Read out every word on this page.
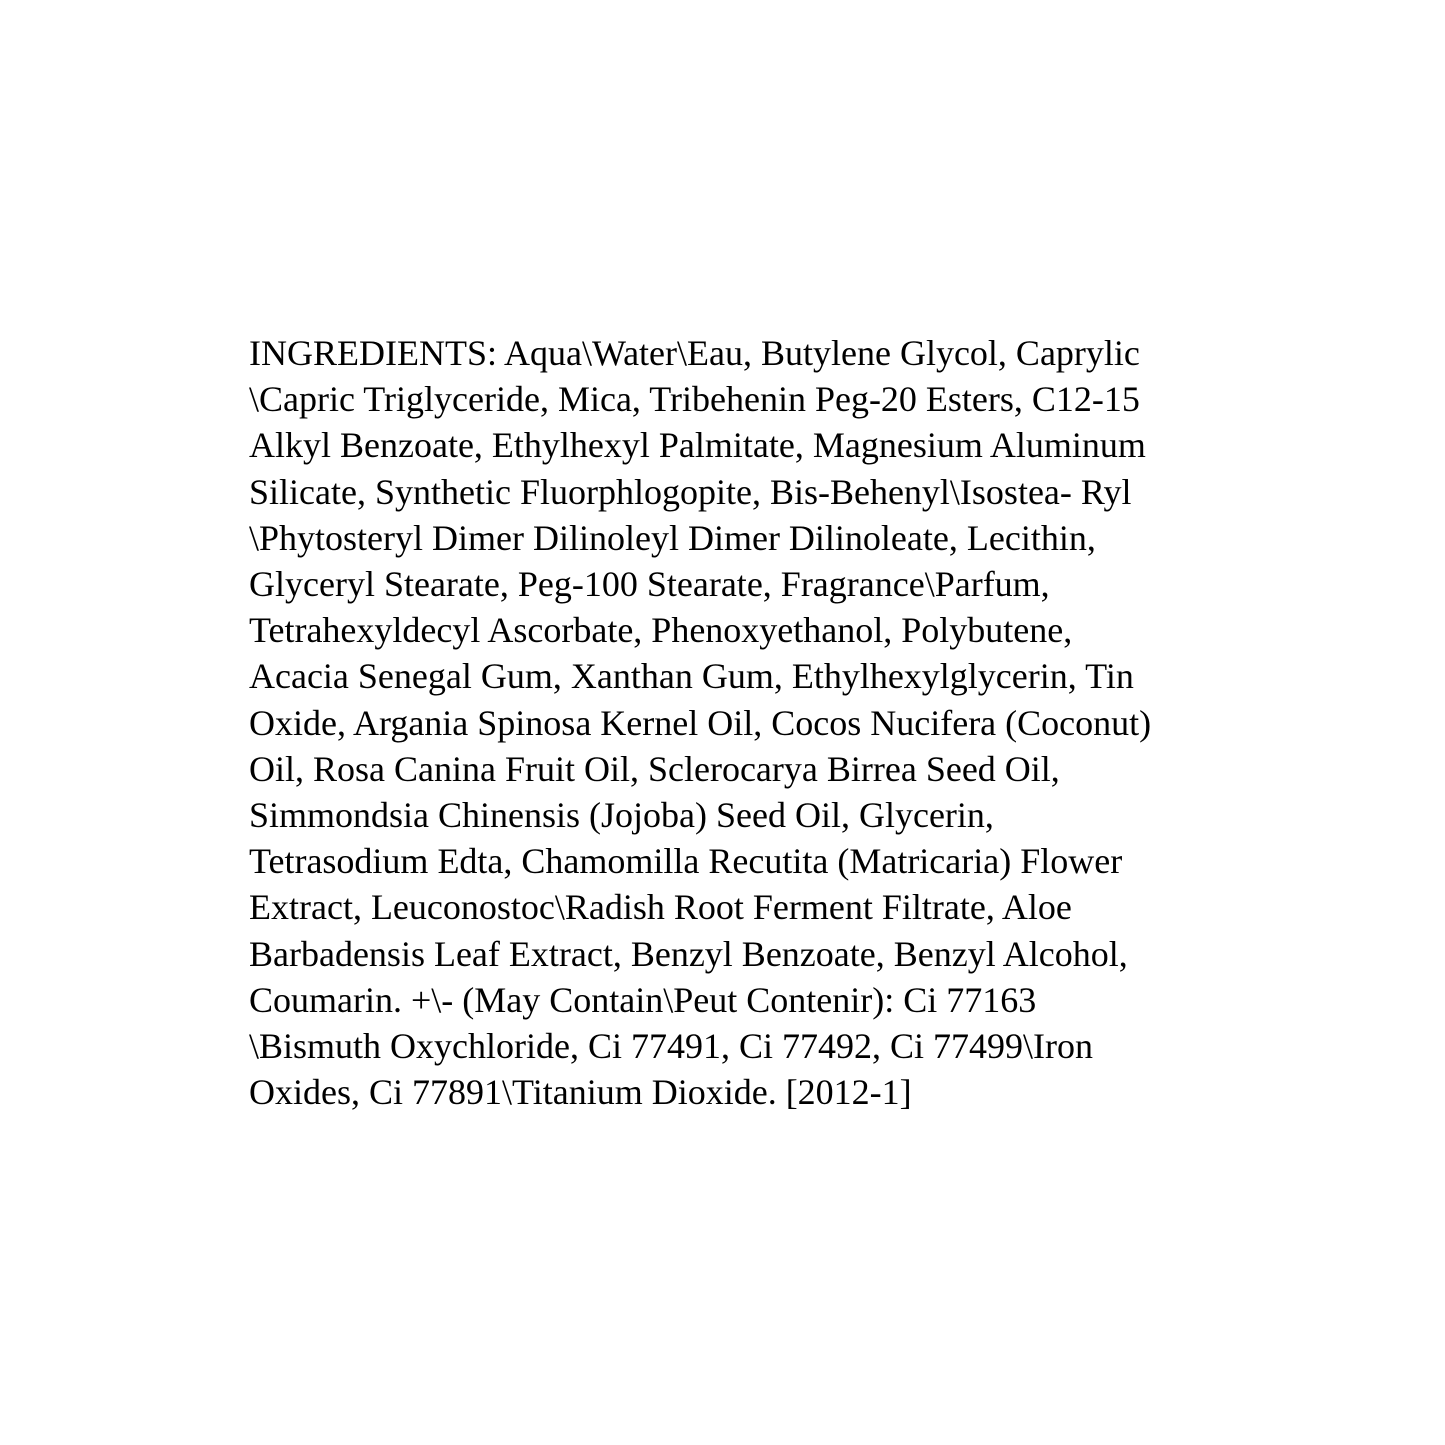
INGREDIENTS: Aqua\Water\Eau, Butylene Glycol, Caprylic
\Capric Triglyceride, Mica, Tribehenin Peg-20 Esters, C12-15
Alkyl Benzoate, Ethylhexyl Palmitate, Magnesium Aluminum
Silicate, Synthetic Fluorphlogopite, Bis-Behenyl\Isostea- Ryl
\Phytosteryl Dimer Dilinoleyl Dimer Dilinoleate, Lecithin,
Glyceryl Stearate, Peg-100 Stearate, Fragrance\Parfum,
Tetrahexyldecyl Ascorbate, Phenoxyethanol, Polybutene,
Acacia Senegal Gum, Xanthan Gum, Ethylhexylglycerin, Tin
Oxide, Argania Spinosa Kernel Oil, Cocos Nucifera (Coconut)
Oil, Rosa Canina Fruit Oil, Sclerocarya Birrea Seed Oil,
Simmondsia Chinensis (Jojoba) Seed Oil, Glycerin,
Tetrasodium Edta, Chamomilla Recutita (Matricaria) Flower
Extract, Leuconostoc\Radish Root Ferment Filtrate, Aloe
Barbadensis Leaf Extract, Benzyl Benzoate, Benzyl Alcohol,
Coumarin. +\- (May Contain\Peut Contenir): Ci 77163
\Bismuth Oxychloride, Ci 77491, Ci 77492, Ci 77499\Iron
Oxides, Ci 77891\Titanium Dioxide. [2012-1]
